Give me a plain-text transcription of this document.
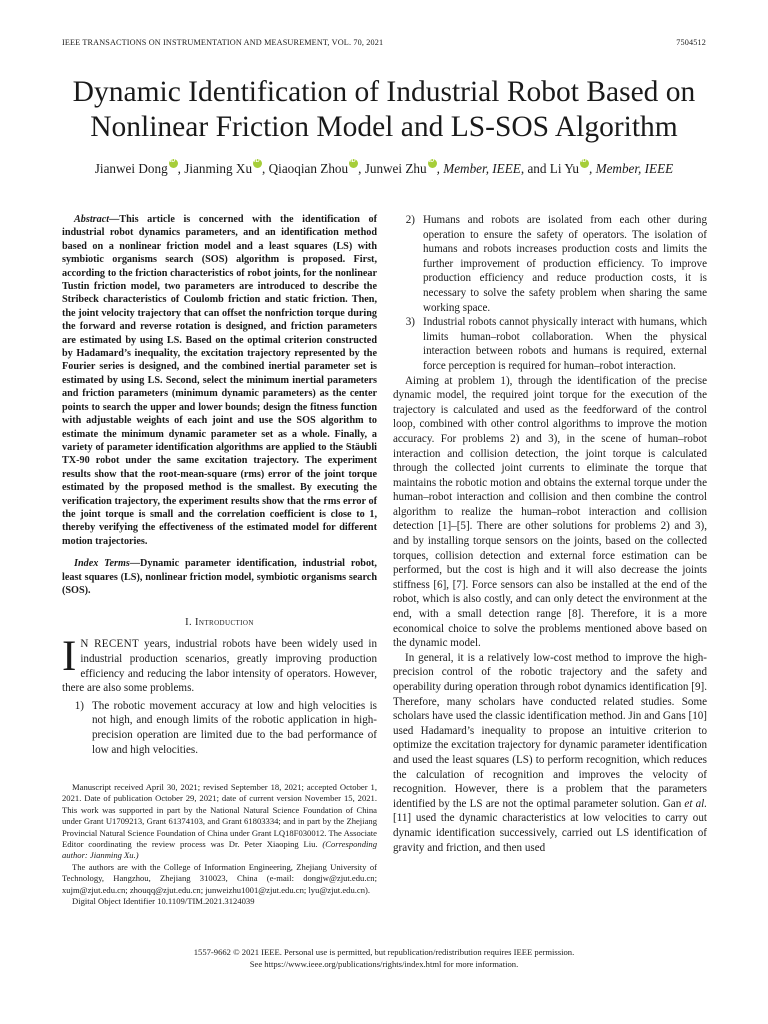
IEEE TRANSACTIONS ON INSTRUMENTATION AND MEASUREMENT, VOL. 70, 2021	7504512
Dynamic Identification of Industrial Robot Based on
Nonlinear Friction Model and LS-SOS Algorithm
Jianwei Dong iD , Jianming Xu iD , Qiaoqian Zhou iD , Junwei Zhu iD , Member, IEEE, and Li Yu iD , Member, IEEE

Abstract—This article is concerned with the identification of industrial robot dynamics parameters, and an identification method based on a nonlinear friction model and a least squares (LS) with symbiotic organisms search (SOS) algorithm is proposed. First, according to the friction characteristics of robot joints, for the nonlinear Tustin friction model, two parameters are introduced to describe the Stribeck characteristics of Coulomb friction and static friction. Then, the joint velocity trajectory that can offset the nonfriction torque during the forward and reverse rotation is designed, and friction parameters are estimated by using LS. Based on the optimal criterion constructed by Hadamard’s inequality, the excitation trajectory represented by the Fourier series is designed, and the combined inertial parameter set is estimated by using LS. Second, select the minimum inertial parameters and friction parameters (minimum dynamic parameters) as the center points to search the upper and lower bounds; design the fitness function with adjustable weights of each joint and use the SOS algorithm to estimate the minimum dynamic parameter set as a whole. Finally, a variety of parameter identification algorithms are applied to the Stäubli TX-90 robot under the same excitation trajectory. The experiment results show that the root-mean-square (rms) error of the joint torque estimated by the proposed method is the smallest. By executing the verification trajectory, the experiment results show that the rms error of the joint torque is small and the correlation coefficient is close to 1, thereby verifying the effectiveness of the estimated model for different motion trajectories.

Index Terms—Dynamic parameter identification, industrial robot, least squares (LS), nonlinear friction model, symbiotic organisms search (SOS).

I. Introduction

I N RECENT years, industrial robots have been widely used in industrial production scenarios, greatly improving production efficiency and reducing the labor intensity of operators. However, there are also some problems.

1) The robotic movement accuracy at low and high velocities is not high, and enough limits of the robotic application in high-precision operation are limited due to the bad performance of low and high velocities.

Manuscript received April 30, 2021; revised September 18, 2021; accepted October 1, 2021. Date of publication October 29, 2021; date of current version November 15, 2021. This work was supported in part by the National Natural Science Foundation of China under Grant U1709213, Grant 61374103, and Grant 61803334; and in part by the Zhejiang Provincial Natural Science Foundation of China under Grant LQ18F030012. The Associate Editor coordinating the review process was Dr. Peter Xiaoping Liu. (Corresponding author: Jianming Xu.)

The authors are with the College of Information Engineering, Zhejiang University of Technology, Hangzhou, Zhejiang 310023, China (e-mail: dongjw@zjut.edu.cn; xujm@zjut.edu.cn; zhouqq@zjut.edu.cn; junweizhu1001@zjut.edu.cn; lyu@zjut.edu.cn).

Digital Object Identifier 10.1109/TIM.2021.3124039

2) Humans and robots are isolated from each other during operation to ensure the safety of operators. The isolation of humans and robots increases production costs and limits the further improvement of production efficiency. To improve production efficiency and reduce production costs, it is necessary to solve the safety problem when sharing the same working space.
3) Industrial robots cannot physically interact with humans, which limits human–robot collaboration. When the physical interaction between robots and humans is required, external force perception is required for human–robot interaction.

Aiming at problem 1), through the identification of the precise dynamic model, the required joint torque for the execution of the trajectory is calculated and used as the feedforward of the control loop, combined with other control algorithms to improve the motion accuracy. For problems 2) and 3), in the scene of human–robot interaction and collision detection, the joint torque is calculated through the collected joint currents to eliminate the torque that maintains the robotic motion and obtains the external torque under the human–robot interaction and collision and then combine the control algorithm to realize the human–robot interaction and collision detection [1]–[5]. There are other solutions for problems 2) and 3), and by installing torque sensors on the joints, based on the collected torques, collision detection and external force estimation can be performed, but the cost is high and it will also decrease the joints stiffness [6], [7]. Force sensors can also be installed at the end of the robot, which is also costly, and can only detect the environment at the end, with a small detection range [8]. Therefore, it is a more economical choice to solve the problems mentioned above based on the dynamic model.

In general, it is a relatively low-cost method to improve the high-precision control of the robotic trajectory and the safety and operability during operation through robot dynamics identification [9]. Therefore, many scholars have conducted related studies. Some scholars have used the classic identification method. Jin and Gans [10] used Hadamard’s inequality to propose an intuitive criterion to optimize the excitation trajectory for dynamic parameter identification and used the least squares (LS) to perform recognition, which reduces the calculation of recognition and improves the velocity of recognition. However, there is a problem that the parameters identified by the LS are not the optimal parameter solution. Gan et al. [11] used the dynamic characteristics at low velocities to carry out dynamic identification successively, carried out LS identification of gravity and friction, and then used

1557-9662 © 2021 IEEE. Personal use is permitted, but republication/redistribution requires IEEE permission.
See https://www.ieee.org/publications/rights/index.html for more information.
